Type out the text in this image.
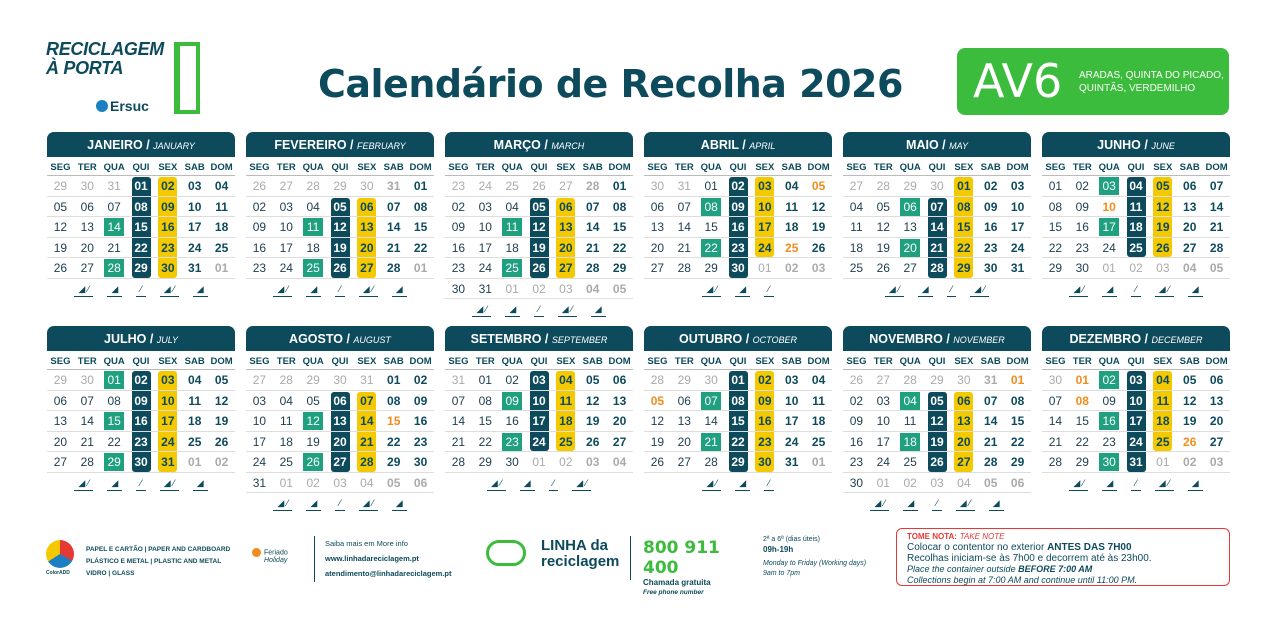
RECICLAGEM
À PORTA
Ersuc	Calendário de Recolha 2026 AV6 ARADAS, QUINTA DO PICADO, QUINTÃS, VERDEMILHO
JANEIRO / JANUARY
SEG TER QUA QUI SEX SAB DOM
29	30	31	01	02	03	04
05	06	07	08	09	10	11
12	13	14	15	16	17	18
19	20	21	22	23	24	25
26	27	28	29	30	31	01
◢ ⁄	◢	⁄	◢ ⁄	◢
FEVEREIRO / FEBRUARY
SEG TER QUA QUI SEX SAB DOM
26	27	28	29	30	31	01
02	03	04	05	06	07	08
09	10	11	12	13	14	15
16	17	18	19	20	21	22
23	24	25	26	27	28	01
◢ ⁄	◢	⁄	◢ ⁄	◢
MARÇO / MARCH
SEG TER QUA QUI SEX SAB DOM
23	24	25	26	27	28	01
02	03	04	05	06	07	08
09	10	11	12	13	14	15
16	17	18	19	20	21	22
23	24	25	26	27	28	29
30	31	01	02	03	04	05
◢ ⁄	◢	⁄	◢ ⁄	◢
ABRIL / APRIL
SEG TER QUA QUI SEX SAB DOM
30	31	01	02	03	04	05
06	07	08	09	10	11	12
13	14	15	16	17	18	19
20	21	22	23	24	25	26
27	28	29	30	01	02	03
◢ ⁄	◢	⁄
MAIO / MAY
SEG TER QUA QUI SEX SAB DOM
27	28	29	30	01	02	03
04	05	06	07	08	09	10
11	12	13	14	15	16	17
18	19	20	21	22	23	24
25	26	27	28	29	30	31
◢ ⁄	◢	⁄	◢ ⁄
JUNHO / JUNE
SEG TER QUA QUI SEX SAB DOM
01	02	03	04	05	06	07
08	09	10	11	12	13	14
15	16	17	18	19	20	21
22	23	24	25	26	27	28
29	30	01	02	03	04	05
◢ ⁄	◢	⁄	◢ ⁄	◢
JULHO / JULY
SEG TER QUA QUI SEX SAB DOM
29	30	01	02	03	04	05
06	07	08	09	10	11	12
13	14	15	16	17	18	19
20	21	22	23	24	25	26
27	28	29	30	31	01	02
◢ ⁄	◢	⁄	◢ ⁄	◢
AGOSTO / AUGUST
SEG TER QUA QUI SEX SAB DOM
27	28	29	30	31	01	02
03	04	05	06	07	08	09
10	11	12	13	14	15	16
17	18	19	20	21	22	23
24	25	26	27	28	29	30
31	01	02	03	04	05	06
◢ ⁄	◢	⁄	◢ ⁄	◢
SETEMBRO / SEPTEMBER
SEG TER QUA QUI SEX SAB DOM
31	01	02	03	04	05	06
07	08	09	10	11	12	13
14	15	16	17	18	19	20
21	22	23	24	25	26	27
28	29	30	01	02	03	04
◢ ⁄	◢	⁄	◢ ⁄
OUTUBRO / OCTOBER
SEG TER QUA QUI SEX SAB DOM
28	29	30	01	02	03	04
05	06	07	08	09	10	11
12	13	14	15	16	17	18
19	20	21	22	23	24	25
26	27	28	29	30	31	01
◢ ⁄	◢	⁄
NOVEMBRO / NOVEMBER
SEG TER QUA QUI SEX SAB DOM
26	27	28	29	30	31	01
02	03	04	05	06	07	08
09	10	11	12	13	14	15
16	17	18	19	20	21	22
23	24	25	26	27	28	29
30	01	02	03	04	05	06
◢ ⁄	◢	⁄	◢ ⁄	◢
DEZEMBRO / DECEMBER
SEG TER QUA QUI SEX SAB DOM
30	01	02	03	04	05	06
07	08	09	10	11	12	13
14	15	16	17	18	19	20
21	22	23	24	25	26	27
28	29	30	31	01	02	03
◢ ⁄	◢	⁄	◢ ⁄	◢
PAPEL E CARTÃO | PAPER AND CARDBOARD
PLÁSTICO E METAL | PLASTIC AND METAL
VIDRO | GLASS
ColorADD
Feriado
Holiday
Saiba mais em More info
www.linhadareciclagem.pt
atendimento@linhadareciclagem.pt
LINHA da
reciclagem
800 911 400
Chamada gratuita
Free phone number
2ª a 6ª (dias úteis)
09h-19h
Monday to Friday (Working days)
9am to 7pm
TOME NOTA: TAKE NOTE
Colocar o contentor no exterior ANTES DAS 7H00
Recolhas iniciam-se às 7h00 e decorrem até às 23h00.
Place the container outside BEFORE 7:00 AM
Collections begin at 7:00 AM and continue until 11:00 PM.
